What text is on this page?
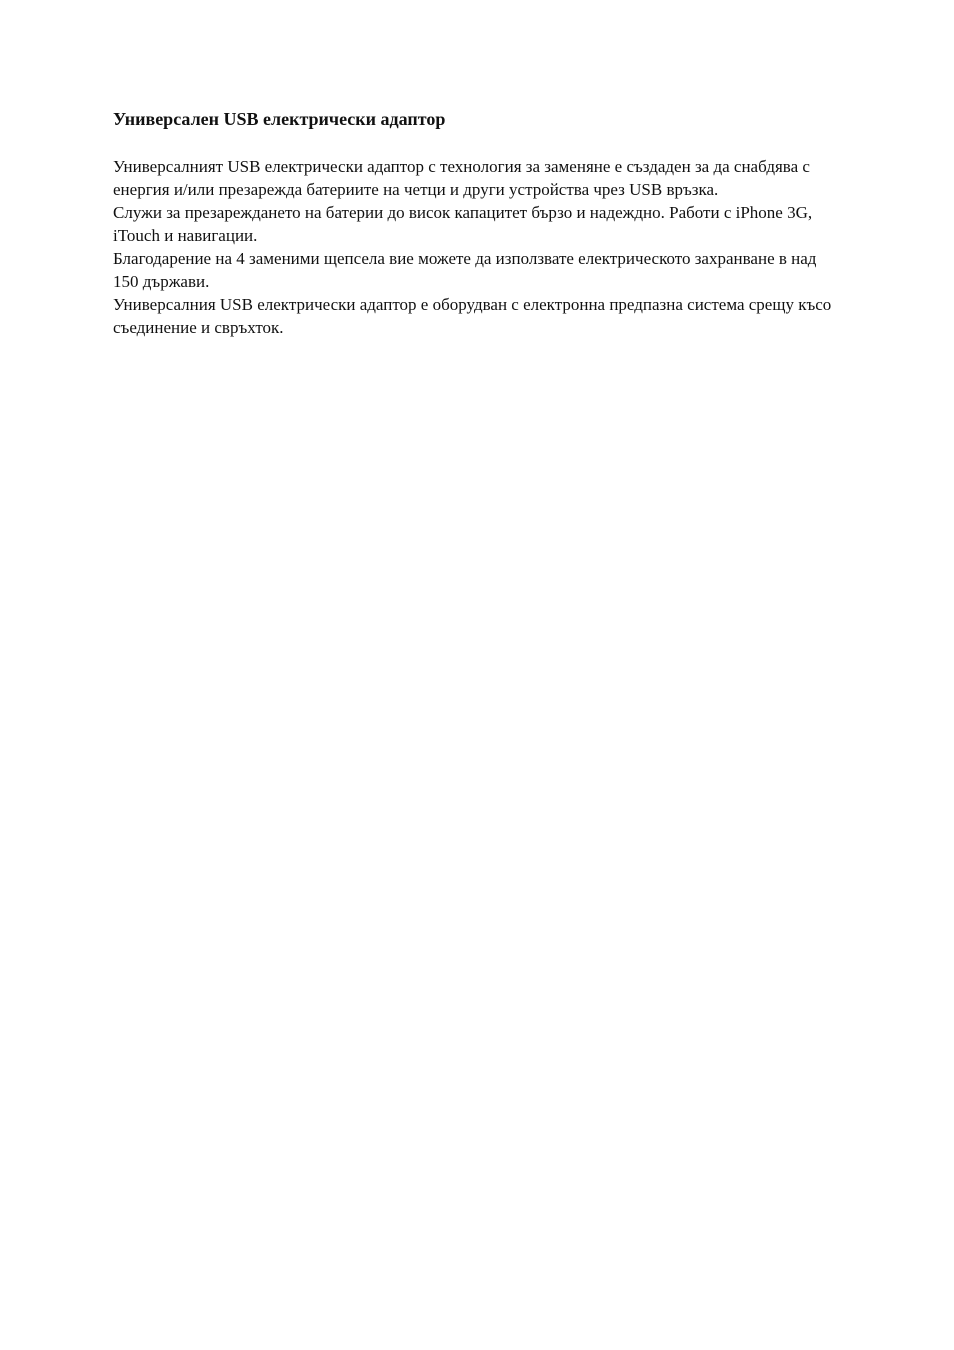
Универсален USB електрически адаптор

Универсалният USB електрически адаптор с технология за заменяне е създаден за да снабдява с енергия и/или презарежда батериите на четци и други устройства чрез USB връзка.

Служи за презареждането на батерии до висок капацитет бързо и надеждно. Работи с iPhone 3G, iTouch и навигации.

Благодарение на 4 заменими щепсела вие можете да използвате електрическото захранване в над 150 държави.

Универсалния USB електрически адаптор е оборудван с електронна предпазна система срещу късо съединение и свръхток.
